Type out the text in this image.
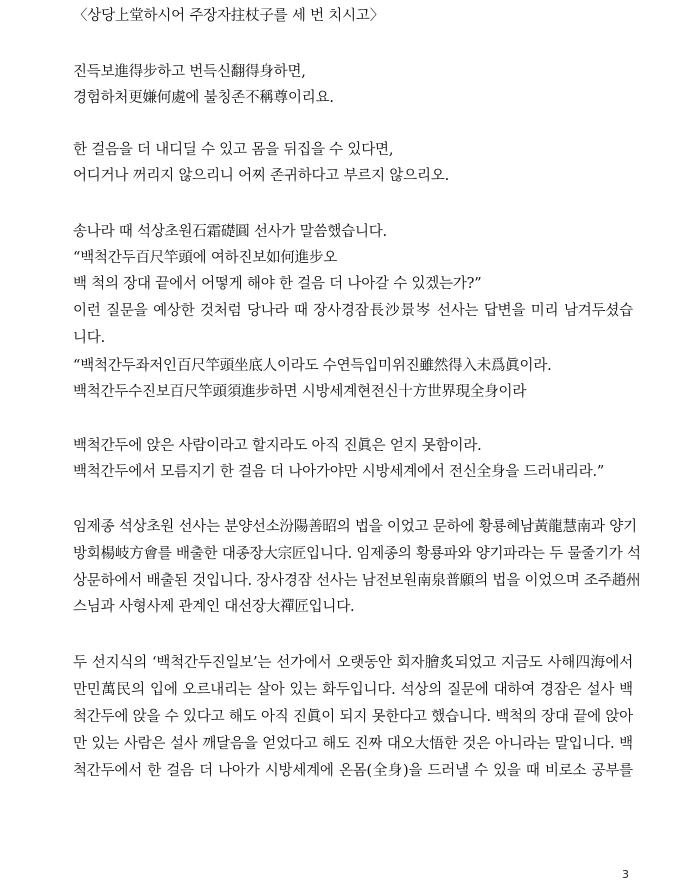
〈상당上堂하시어 주장자拄杖子를 세 번 치시고〉
진득보進得步하고 번득신翻得身하면,
경험하처更嫌何處에 불칭존不稱尊이리요.
한 걸음을 더 내디딜 수 있고 몸을 뒤집을 수 있다면,
어디거나 꺼리지 않으리니 어찌 존귀하다고 부르지 않으리오.
송나라 때 석상초원石霜礎圓 선사가 말씀했습니다.
“백척간두百尺竿頭에 여하진보如何進步오
백 척의 장대 끝에서 어떻게 해야 한 걸음 더 나아갈 수 있겠는가?”
이런 질문을 예상한 것처럼 당나라 때 장사경잠長沙景岑 선사는 답변을 미리 남겨두셨습
니다.
“백척간두좌저인百尺竿頭坐底人이라도 수연득입미위진雖然得入未爲眞이라.
백척간두수진보百尺竿頭須進步하면 시방세계현전신十方世界現全身이라
백척간두에 앉은 사람이라고 할지라도 아직 진眞은 얻지 못함이라.
백척간두에서 모름지기 한 걸음 더 나아가야만 시방세계에서 전신全身을 드러내리라.”
임제종 석상초원 선사는 분양선소汾陽善昭의 법을 이었고 문하에 황룡혜남黃龍慧南과 양기
방회楊岐方會를 배출한 대종장大宗匠입니다. 임제종의 황룡파와 양기파라는 두 물줄기가 석
상문하에서 배출된 것입니다. 장사경잠 선사는 남전보원南泉普願의 법을 이었으며 조주趙州
스님과 사형사제 관계인 대선장大禪匠입니다.
두 선지식의 ‘백척간두진일보’는 선가에서 오랫동안 회자膾炙되었고 지금도 사해四海에서
만민萬民의 입에 오르내리는 살아 있는 화두입니다. 석상의 질문에 대하여 경잠은 설사 백
척간두에 앉을 수 있다고 해도 아직 진眞이 되지 못한다고 했습니다. 백척의 장대 끝에 앉아
만 있는 사람은 설사 깨달음을 얻었다고 해도 진짜 대오大悟한 것은 아니라는 말입니다. 백
척간두에서 한 걸음 더 나아가 시방세계에 온몸(全身)을 드러낼 수 있을 때 비로소 공부를
3
